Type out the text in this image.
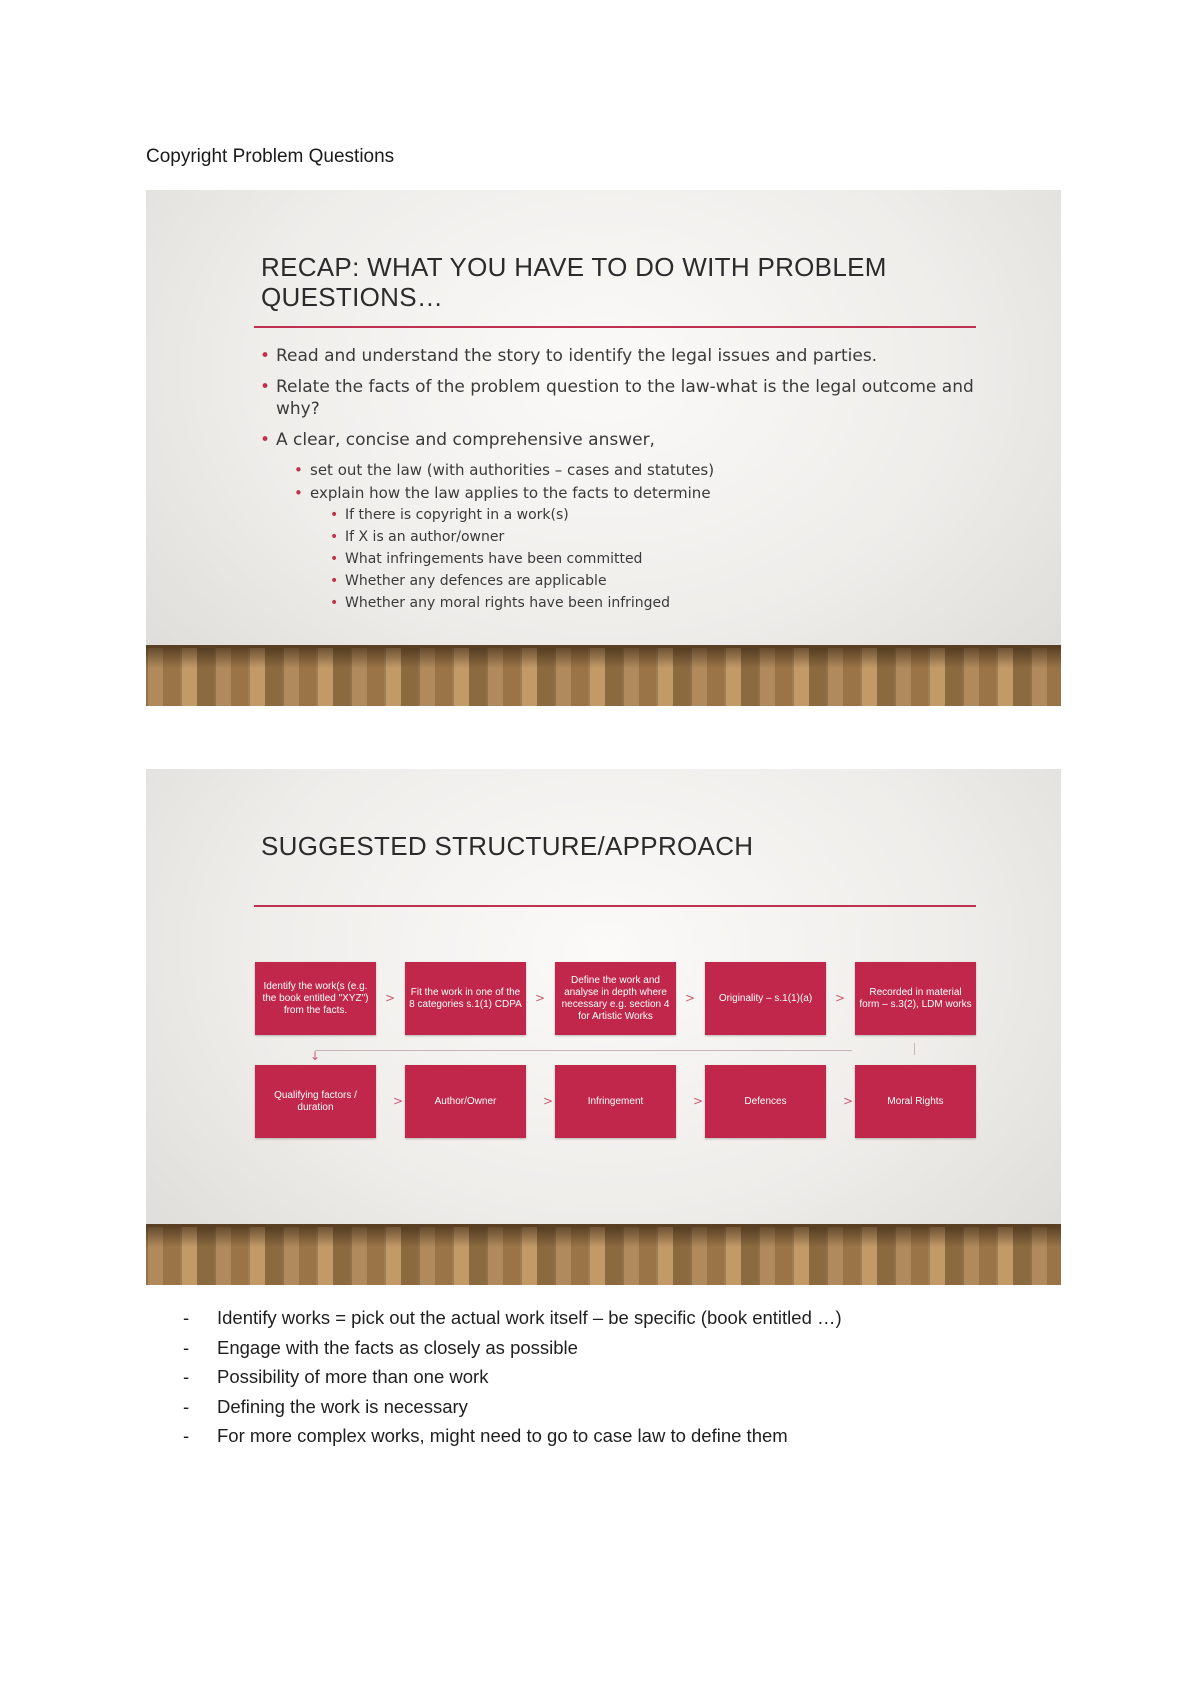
Copyright Problem Questions
RECAP: WHAT YOU HAVE TO DO WITH PROBLEM QUESTIONS…
• Read and understand the story to identify the legal issues and parties.
• Relate the facts of the problem question to the law-what is the legal outcome and why?
• A clear, concise and comprehensive answer,
• set out the law (with authorities – cases and statutes)
• explain how the law applies to the facts to determine
• If there is copyright in a work(s)
• If X is an author/owner
• What infringements have been committed
• Whether any defences are applicable
• Whether any moral rights have been infringed
SUGGESTED STRUCTURE/APPROACH
Identify the work(s (e.g. the book entitled "XYZ") from the facts.
Fit the work in one of the 8 categories s.1(1) CDPA
Define the work and analyse in depth where necessary e.g. section 4 for Artistic Works
Originality – s.1(1)(a)
Recorded in material form – s.3(2), LDM works
>	>	>	>
↓
Qualifying factors / duration
Author/Owner	Infringement	Defences	Moral Rights
>	>	>	>
- Identify works = pick out the actual work itself – be specific (book entitled …)
- Engage with the facts as closely as possible
- Possibility of more than one work
- Defining the work is necessary
- For more complex works, might need to go to case law to define them
